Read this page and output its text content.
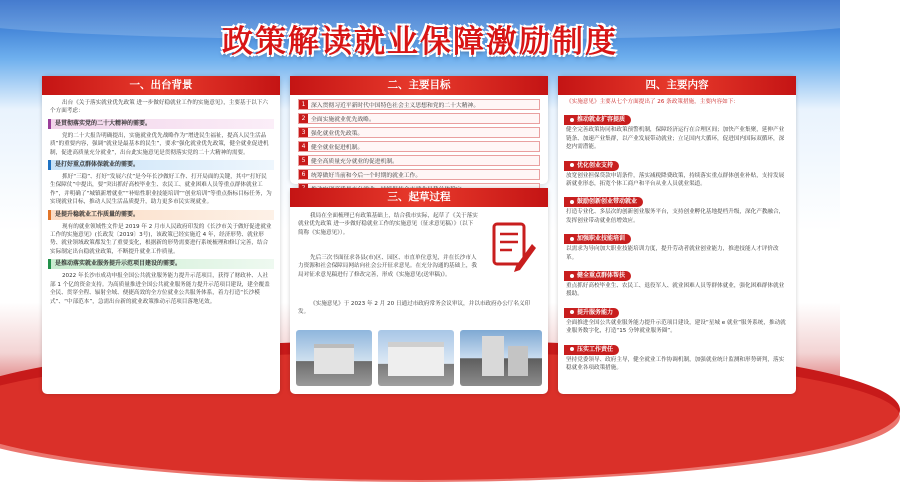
政策解读就业保障激励制度
一、出台背景
出台《关于落实就业优先政策 进一步做好稳就业工作的实施意见》，主要基于以下六个方面考虑：
是贯彻落实党的二十大精神的需要。
党的二十大报告明确提出，实施就业优先战略作为“增进民生福祉，提高人民生活品质”的重要内容，强调“就业是最基本的民生”，要求“强化就业优先政策，健全就业促进机制，促进高质量充分就业”，出台此实施意见是贯彻落实党的二十大精神的需要。
是打好重点群体保就业的需要。
抓好“三稳”、打好“发展六仗”是今年长沙做好工作、打开局面的关键，其中“打好民生保障仗”中提出，要“突出抓好高校毕业生、农民工、就业困难人员等重点群体就业工作”，并明确了“城镇新增就业”“补贴性职业技能培训”“创业培训”等重点指标目标任务，为实现就业目标，推动人民生活品质提升，助力更多市民实现就业。
是提升稳就业工作质量的需要。
现有的就业领域性文件是 2019 年 2 月市人民政府印发的《长沙市关于做好促进就业工作的实施意见》(长政发〔2019〕3号)，该政策已经实施近 4 年，经济形势、就业形势、就业领域政策都发生了重要变化，根据新的形势需要进行系统梳理和修订完善，结合实际制定出台稳就业政策，不断提升就业工作质量。
是推动落实就业服务提升示范项目建设的需要。
2022 年长沙市成功申报全国公共就业服务能力提升示范项目，获得了财政补、人社部 1 个亿的资金支持。为高质量推进全国公共就业服务能力提升示范项目建设，建全覆盖全民、贯穿全程、辐射全域、便捷高效的全方位就业公共服务体系，着力打造“长沙模式”、“中部范本”，急需出台新的就业政策推动示范项目落地见效。
二、主要目标
1 深入贯彻习近平新时代中国特色社会主义思想和党的二十大精神。
2 全面实施就业优先战略。
3 强化就业优先政策。
4 健全就业促进机制。
5 健全高质量充分就业的促进机制。
6 统筹做好当前和今后一个时期的就业工作。
三、起草过程
我局在全面梳理已有政策基础上，结合我市实际，起草了《关于落实就业优先政策 进一步做好稳就业工作的实施意见（征求意见稿）》（以下简称《实施意见》）。
先后三次书面征求各县(市)区、园区、市直单位意见，并在长沙市人力资源和社会保障局网站向社会公开征求意见。在充分沟通的基础上，我局对征求意见稿进行了修改完善，形成《实施意见(送审稿)》。
《实施意见》于 2023 年 2 月 20 日通过市政府常务会议审议，并以市政府办公厅名义印发。
四、主要内容
《实施意见》主要从七个方面提出了 26 条政策措施，主要内容如下：
推动就业扩容提质
健全完善政策协同和政策预警机制，保障经济运行在合理区间；加快产业集聚，延伸产业链条、加速产业集群，以产业发展带动就业；立足国内大循环，促进国内国际双循环，深挖内需潜能。
优化创业支持
放宽创业担保贷款申请条件，落实减税降费政策，持续落实重点群体创业补贴，支持发展新就业形态，拓宽个体工商户和平台从业人员就业渠道。
鼓励创新创业带动就业
打造专业化、多层次的创新创业服务平台，支持创业孵化基地提档升级，深化产教融合，发挥创业带动就业倍增效应。
加强职业技能培训
以需求为导向加大职业技能培训力度，提升劳动者就业创业能力，推进技能人才评价改革。
健全重点群体帮扶
重点抓好高校毕业生、农民工、退役军人、就业困难人员等群体就业，强化困难群体就业援助。
提升服务能力
全面推进全国公共就业服务能力提升示范项目建设，建设“星城 e 就业”服务系统，推动就业服务数字化，打造“15 分钟就业服务圈”。
压实工作责任
坚持党委领导、政府主导，健全就业工作协调机制，加强就业统计监测和形势研判，落实稳就业各项政策措施。
